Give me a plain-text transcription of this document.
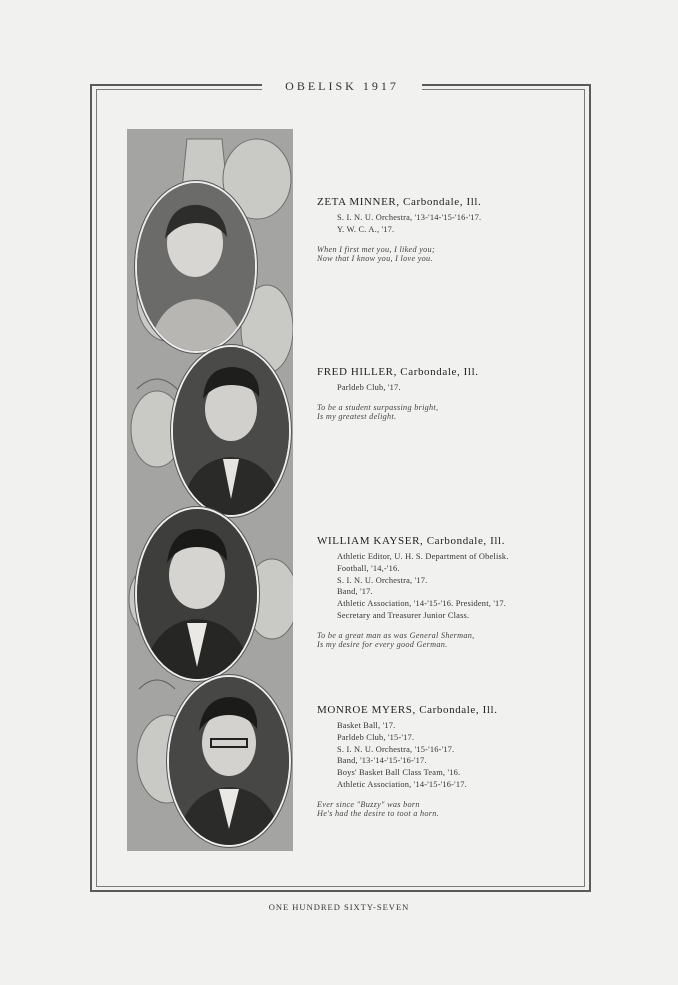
OBELISK 1917
ZETA MINNER, Carbondale, Ill.
S. I. N. U. Orchestra, '13-'14-'15-'16-'17.
Y. W. C. A., '17.
When I first met you, I liked you;
Now that I know you, I love you.
FRED HILLER, Carbondale, Ill.
Parldeb Club, '17.
To be a student surpassing bright,
Is my greatest delight.
WILLIAM KAYSER, Carbondale, Ill.
Athletic Editor, U. H. S. Department of Obelisk.
Football, '14,-'16.
S. I. N. U. Orchestra, '17.
Band, '17.
Athletic Association, '14-'15-'16. President, '17.
Secretary and Treasurer Junior Class.
To be a great man as was General Sherman,
Is my desire for every good German.
MONROE MYERS, Carbondale, Ill.
Basket Ball, '17.
Parldeb Club, '15-'17.
S. I. N. U. Orchestra, '15-'16-'17.
Band, '13-'14-'15-'16-'17.
Boys' Basket Ball Class Team, '16.
Athletic Association, '14-'15-'16-'17.
Ever since "Buzzy" was born
He's had the desire to toot a horn.
ONE HUNDRED SIXTY-SEVEN
